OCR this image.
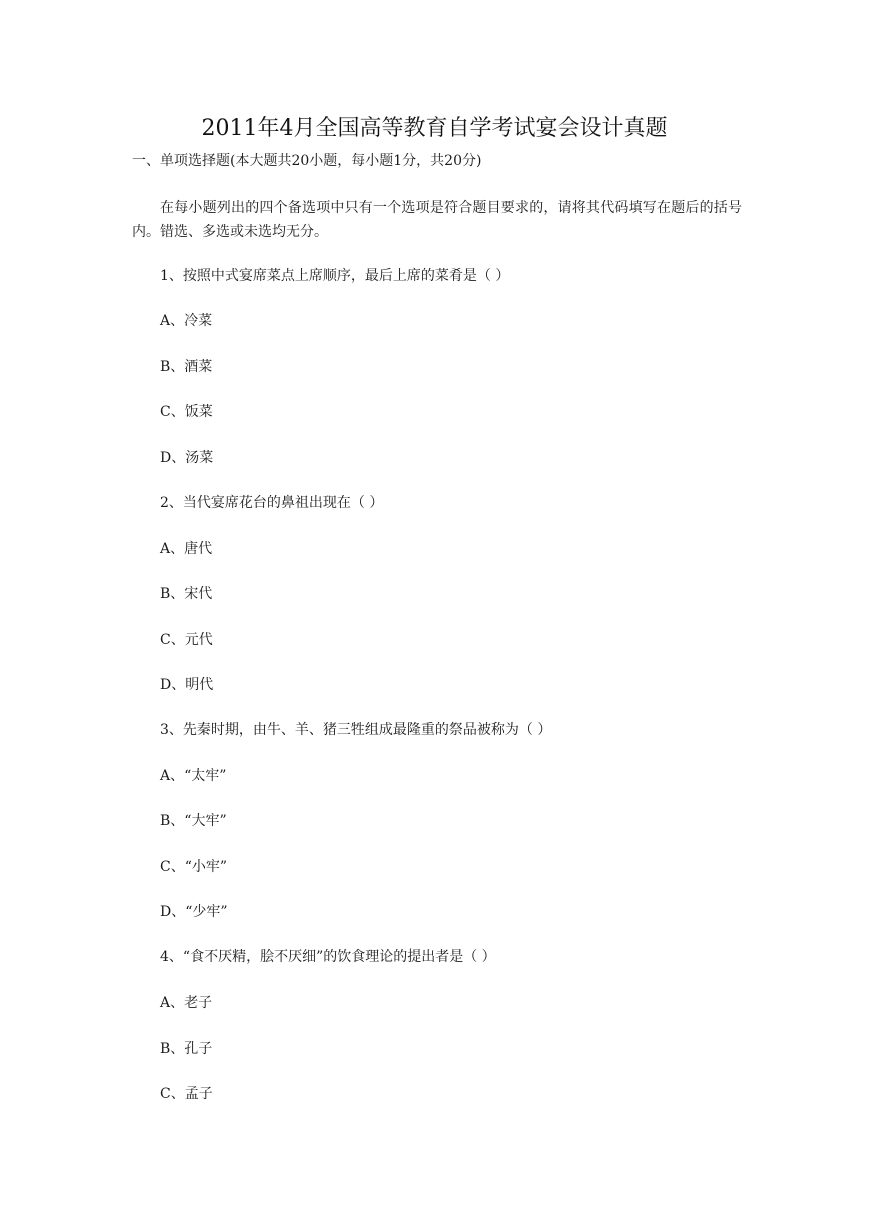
2011年4月全国高等教育自学考试宴会设计真题
一、单项选择题(本大题共20小题，每小题1分，共20分)
在每小题列出的四个备选项中只有一个选项是符合题目要求的，请将其代码填写在题后的括号内。错选、多选或未选均无分。
1、按照中式宴席菜点上席顺序，最后上席的菜肴是（ ）
A、冷菜
B、酒菜
C、饭菜
D、汤菜
2、当代宴席花台的鼻祖出现在（ ）
A、唐代
B、宋代
C、元代
D、明代
3、先秦时期，由牛、羊、猪三牲组成最隆重的祭品被称为（ ）
A、“太牢”
B、“大牢”
C、“小牢”
D、“少牢”
4、“食不厌精，脍不厌细”的饮食理论的提出者是（ ）
A、老子
B、孔子
C、孟子
